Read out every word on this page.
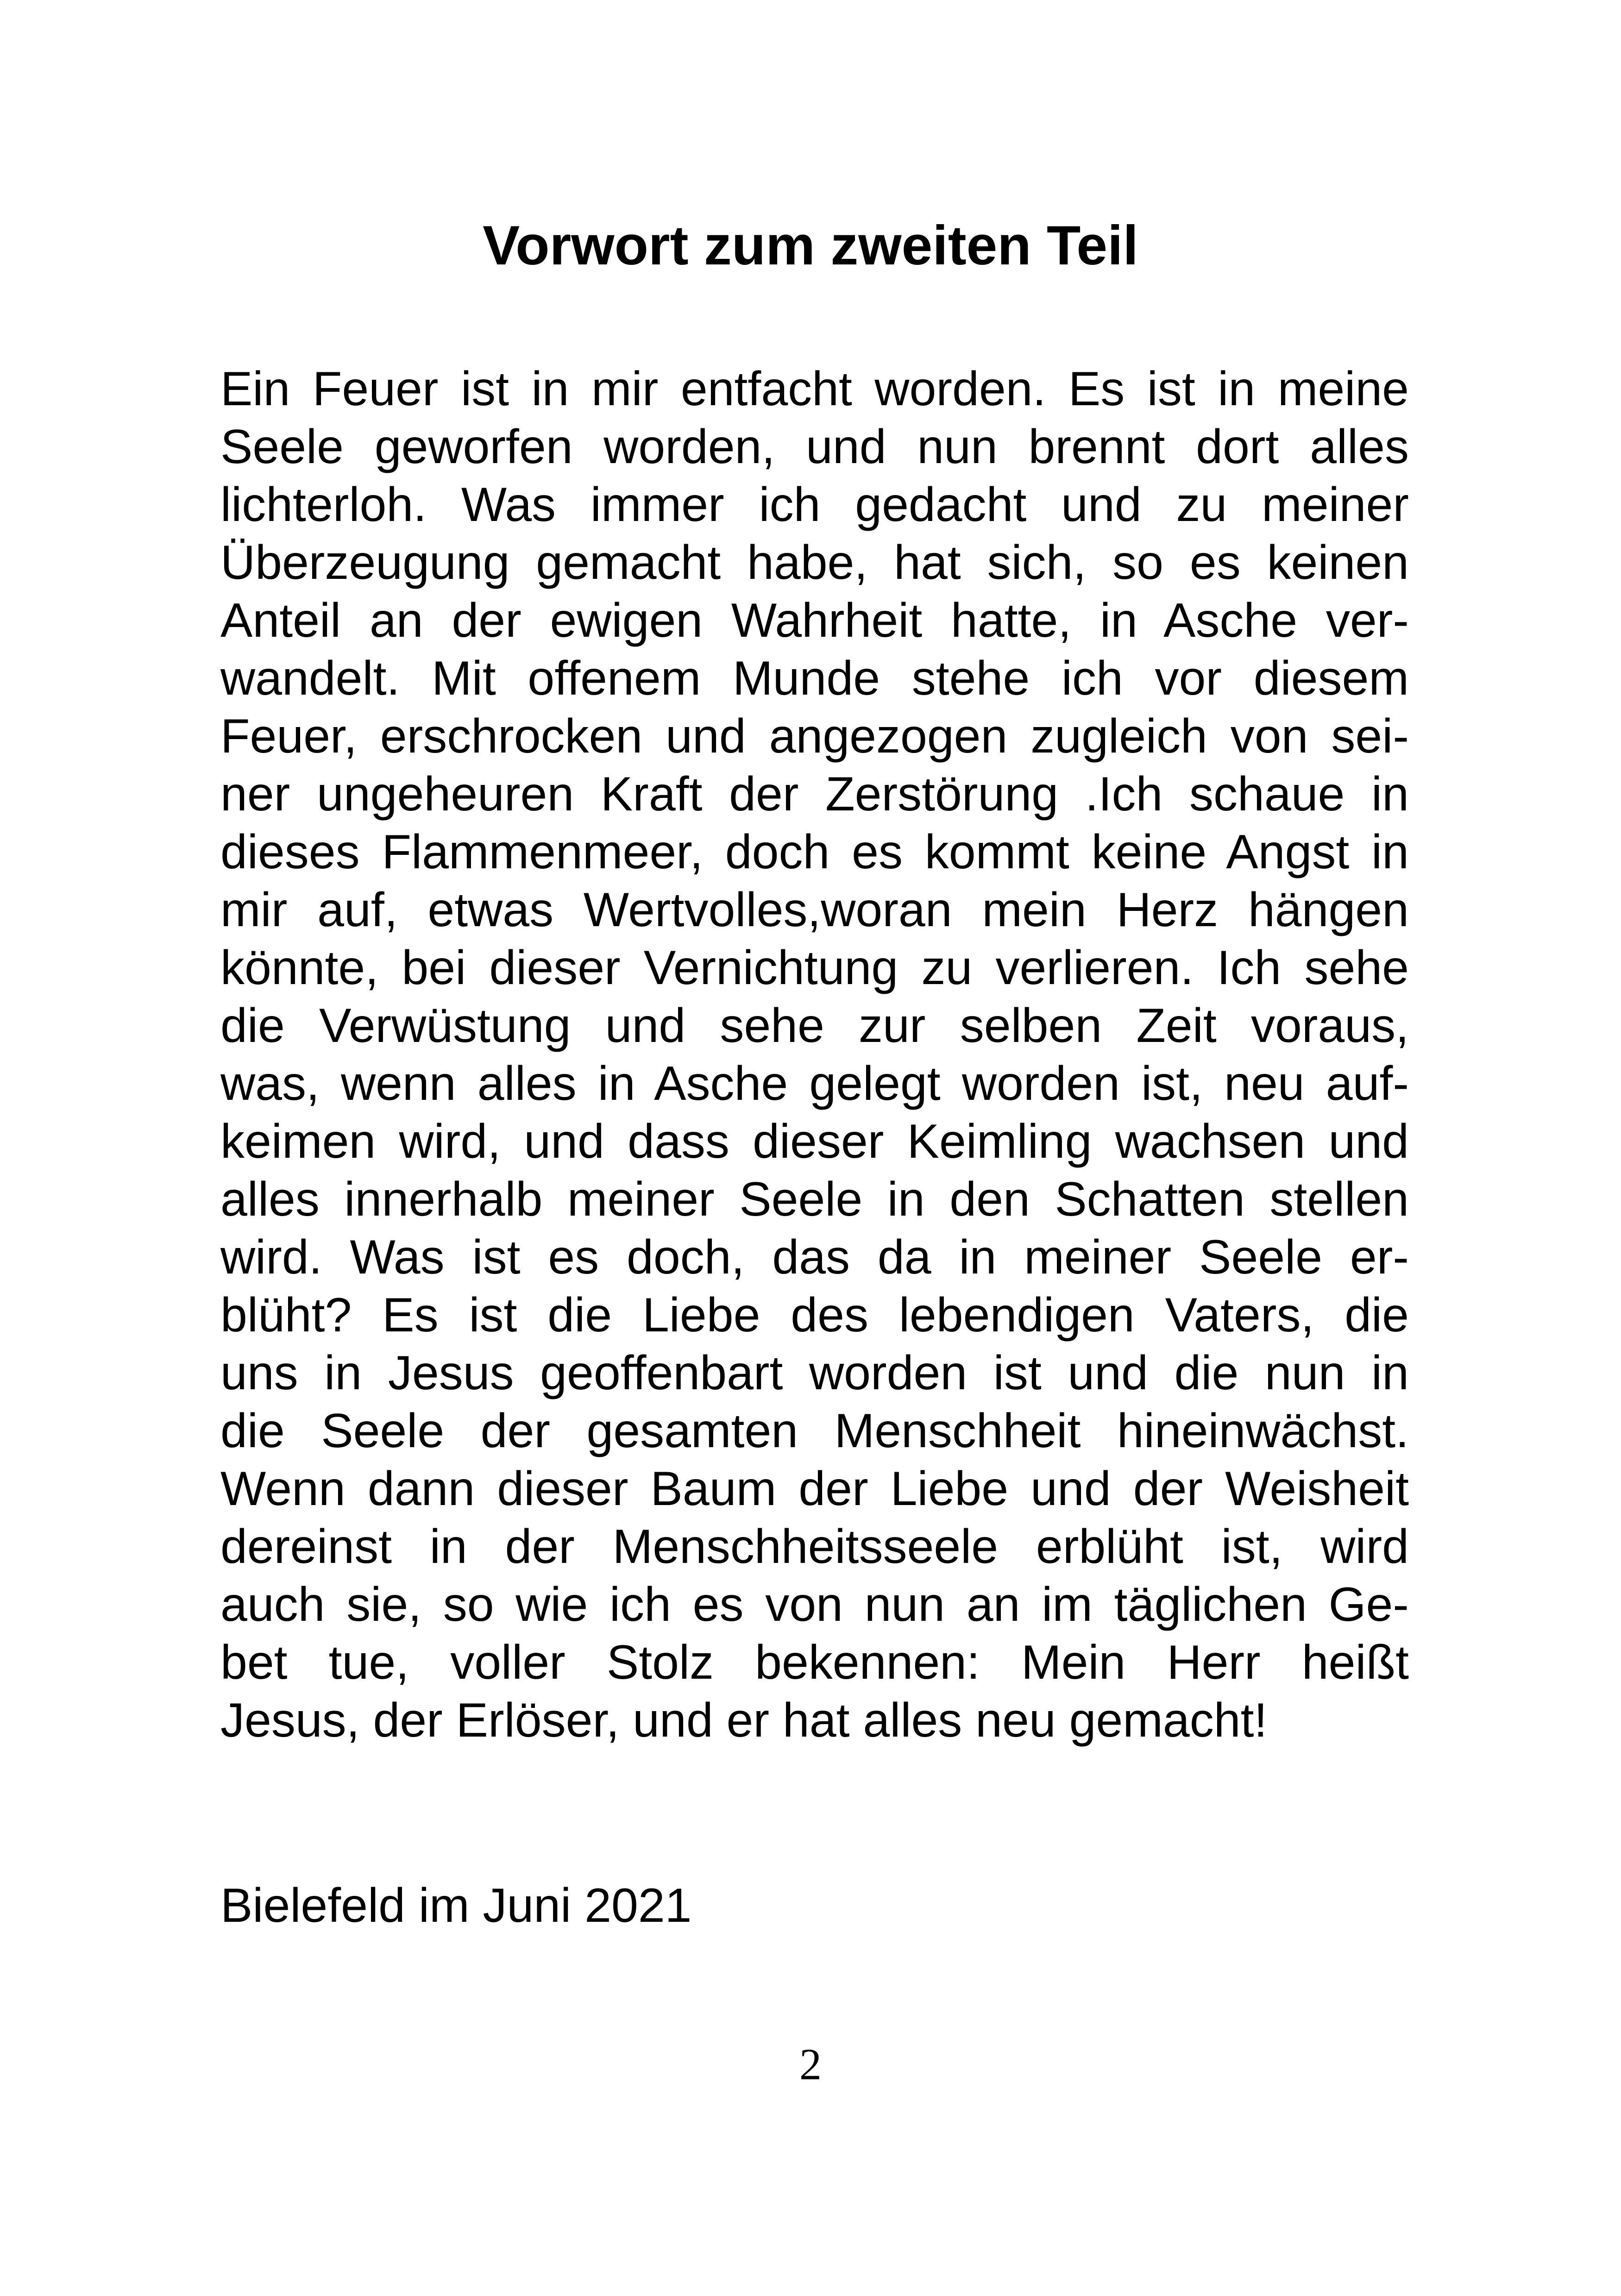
Vorwort zum zweiten Teil
Ein Feuer ist in mir entfacht worden. Es ist in meine
Seele geworfen worden, und nun brennt dort alles
lichterloh. Was immer ich gedacht und zu meiner
Überzeugung gemacht habe, hat sich, so es keinen
Anteil an der ewigen Wahrheit hatte, in Asche ver-
wandelt. Mit offenem Munde stehe ich vor diesem
Feuer, erschrocken und angezogen zugleich von sei-
ner ungeheuren Kraft der Zerstörung .Ich schaue in
dieses Flammenmeer, doch es kommt keine Angst in
mir auf, etwas Wertvolles,woran mein Herz hängen
könnte, bei dieser Vernichtung zu verlieren. Ich sehe
die Verwüstung und sehe zur selben Zeit voraus,
was, wenn alles in Asche gelegt worden ist, neu auf-
keimen wird, und dass dieser Keimling wachsen und
alles innerhalb meiner Seele in den Schatten stellen
wird. Was ist es doch, das da in meiner Seele er-
blüht? Es ist die Liebe des lebendigen Vaters, die
uns in Jesus geoffenbart worden ist und die nun in
die Seele der gesamten Menschheit hineinwächst.
Wenn dann dieser Baum der Liebe und der Weisheit
dereinst in der Menschheitsseele erblüht ist, wird
auch sie, so wie ich es von nun an im täglichen Ge-
bet tue, voller Stolz bekennen: Mein Herr heißt
Jesus, der Erlöser, und er hat alles neu gemacht!
Bielefeld im Juni 2021
2
